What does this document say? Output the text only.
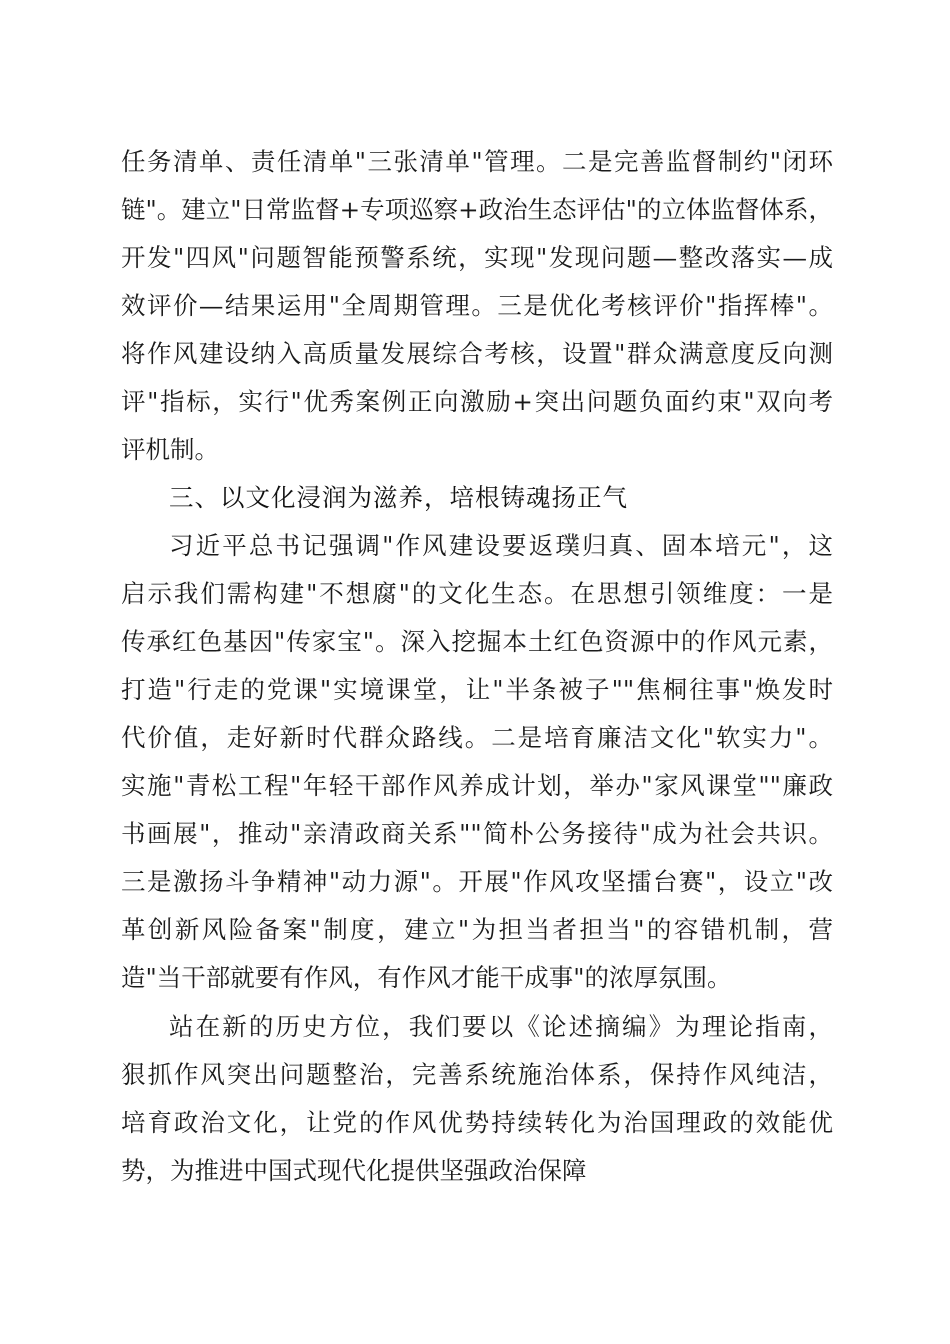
任务清单、责任清单"三张清单"管理。二是完善监督制约"闭环
链"。建立"日常监督+专项巡察+政治生态评估"的立体监督体系，
开发"四风"问题智能预警系统，实现"发现问题—整改落实—成
效评价—结果运用"全周期管理。三是优化考核评价"指挥棒"。
将作风建设纳入高质量发展综合考核，设置"群众满意度反向测
评"指标，实行"优秀案例正向激励+突出问题负面约束"双向考
评机制。
三、以文化浸润为滋养，培根铸魂扬正气
习近平总书记强调"作风建设要返璞归真、固本培元"，这
启示我们需构建"不想腐"的文化生态。在思想引领维度：一是
传承红色基因"传家宝"。深入挖掘本土红色资源中的作风元素，
打造"行走的党课"实境课堂，让"半条被子""焦桐往事"焕发时
代价值，走好新时代群众路线。二是培育廉洁文化"软实力"。
实施"青松工程"年轻干部作风养成计划，举办"家风课堂""廉政
书画展"，推动"亲清政商关系""简朴公务接待"成为社会共识。
三是激扬斗争精神"动力源"。开展"作风攻坚擂台赛"，设立"改
革创新风险备案"制度，建立"为担当者担当"的容错机制，营
造"当干部就要有作风，有作风才能干成事"的浓厚氛围。
站在新的历史方位，我们要以《论述摘编》为理论指南，
狠抓作风突出问题整治，完善系统施治体系，保持作风纯洁，
培育政治文化，让党的作风优势持续转化为治国理政的效能优
势，为推进中国式现代化提供坚强政治保障
